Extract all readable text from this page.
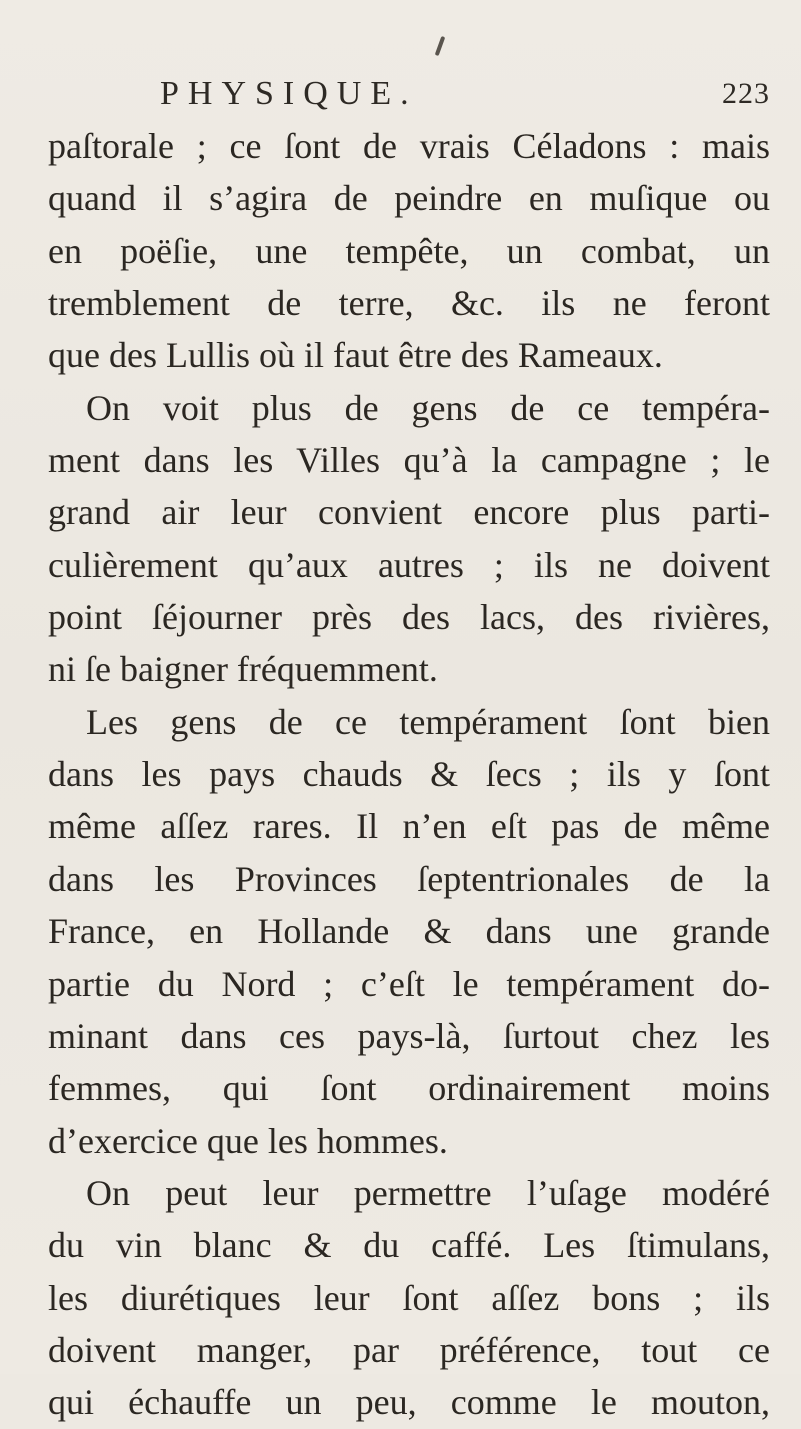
PHYSIQUE.	223
paſtorale ; ce ſont de vrais Céladons : mais
quand il s’agira de peindre en muſique ou
en poëſie, une tempête, un combat, un
tremblement de terre, &c. ils ne feront
que des Lullis où il faut être des Rameaux.
On voit plus de gens de ce tempéra-
ment dans les Villes qu’à la campagne ; le
grand air leur convient encore plus parti-
culièrement qu’aux autres ; ils ne doivent
point ſéjourner près des lacs, des rivières,
ni ſe baigner fréquemment.
Les gens de ce tempérament ſont bien
dans les pays chauds & ſecs ; ils y ſont
même aſſez rares. Il n’en eſt pas de même
dans les Provinces ſeptentrionales de la
France, en Hollande & dans une grande
partie du Nord ; c’eſt le tempérament do-
minant dans ces pays-là, ſurtout chez les
femmes, qui ſont ordinairement moins
d’exercice que les hommes.
On peut leur permettre l’uſage modéré
du vin blanc & du caffé. Les ſtimulans,
les diurétiques leur ſont aſſez bons ; ils
doivent manger, par préférence, tout ce
qui échauffe un peu, comme le mouton,
